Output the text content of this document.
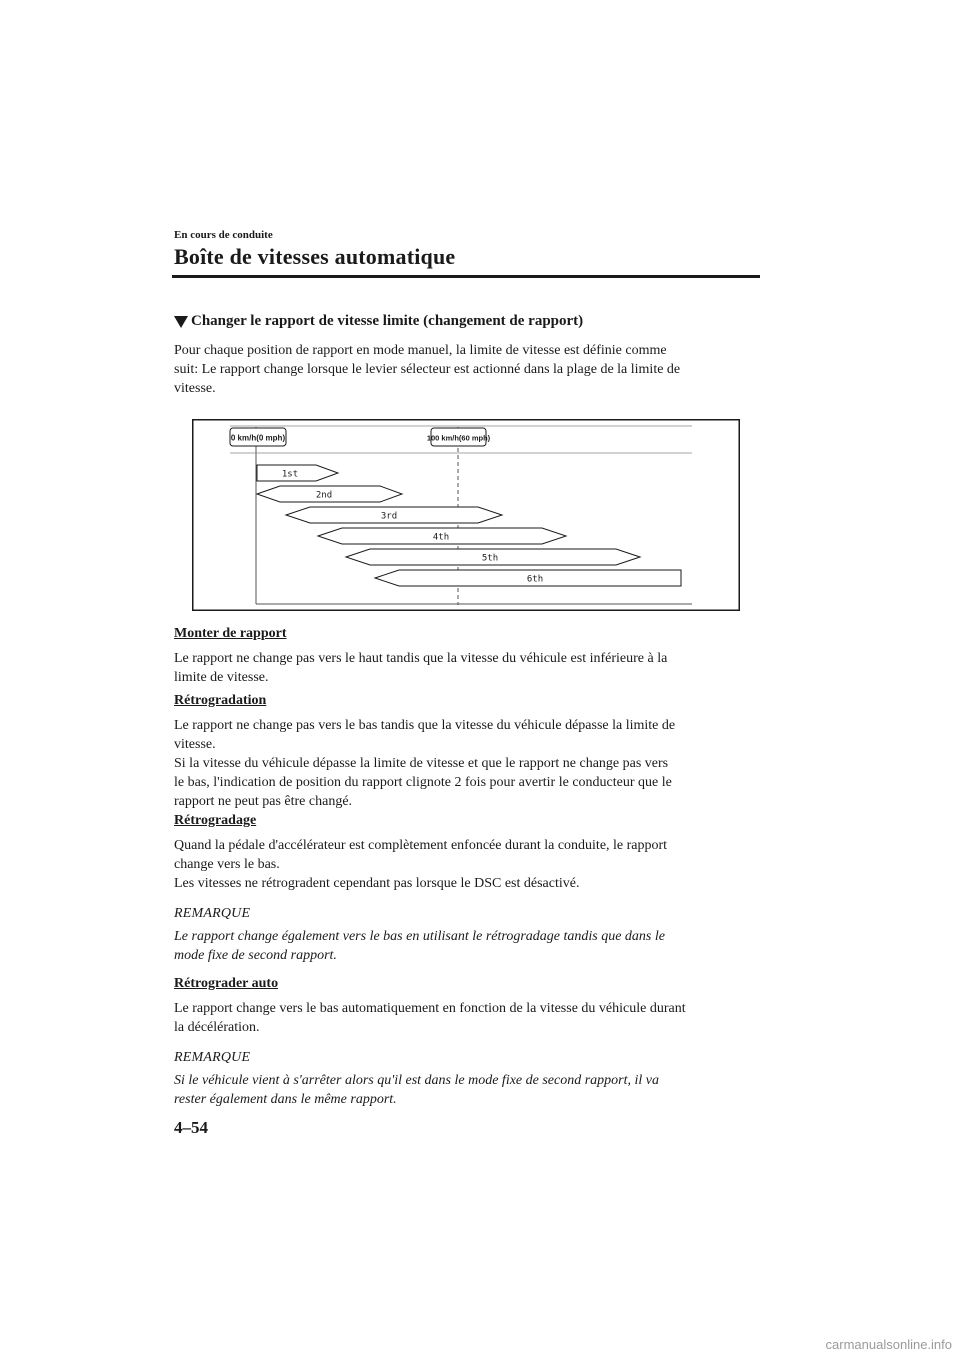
En cours de conduite
Boîte de vitesses automatique
Changer le rapport de vitesse limite (changement de rapport)
Pour chaque position de rapport en mode manuel, la limite de vitesse est définie comme
suit: Le rapport change lorsque le levier sélecteur est actionné dans la plage de la limite de
vitesse.
0 km/h(0 mph)	100 km/h(60 mph)
1st
2nd
3rd
4th
5th
6th
Monter de rapport
Le rapport ne change pas vers le haut tandis que la vitesse du véhicule est inférieure à la
limite de vitesse.
Rétrogradation
Le rapport ne change pas vers le bas tandis que la vitesse du véhicule dépasse la limite de
vitesse.
Si la vitesse du véhicule dépasse la limite de vitesse et que le rapport ne change pas vers
le bas, l'indication de position du rapport clignote 2 fois pour avertir le conducteur que le
rapport ne peut pas être changé.
Rétrogradage
Quand la pédale d'accélérateur est complètement enfoncée durant la conduite, le rapport
change vers le bas.
Les vitesses ne rétrogradent cependant pas lorsque le DSC est désactivé.
REMARQUE
Le rapport change également vers le bas en utilisant le rétrogradage tandis que dans le
mode fixe de second rapport.
Rétrograder auto
Le rapport change vers le bas automatiquement en fonction de la vitesse du véhicule durant
la décélération.
REMARQUE
Si le véhicule vient à s'arrêter alors qu'il est dans le mode fixe de second rapport, il va
rester également dans le même rapport.
4–54
carmanualsonline.info
